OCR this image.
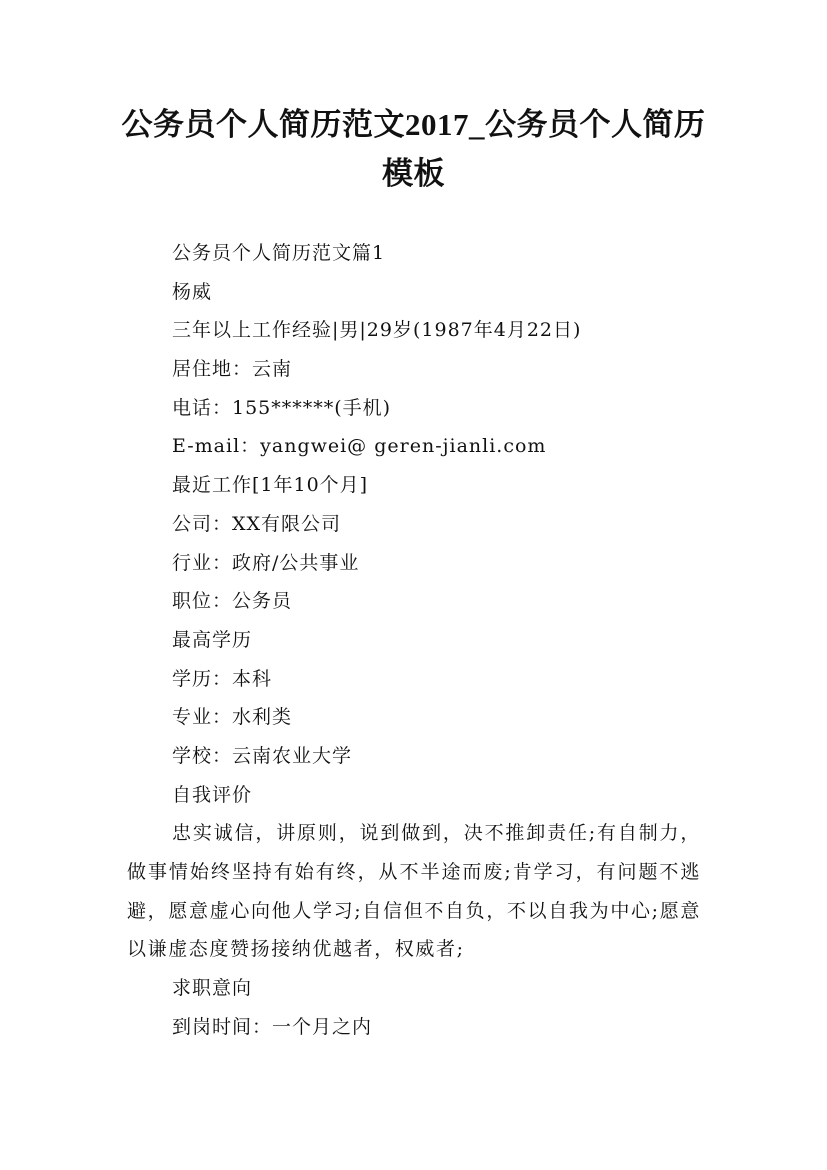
公务员个人简历范文2017_公务员个人简历模板
公务员个人简历范文篇1
杨威
三年以上工作经验|男|29岁(1987年4月22日)
居住地：云南
电话：155******(手机)
E-mail：yangwei@ geren-jianli.com
最近工作[1年10个月]
公司：XX有限公司
行业：政府/公共事业
职位：公务员
最高学历
学历：本科
专业：水利类
学校：云南农业大学
自我评价
忠实诚信，讲原则，说到做到，决不推卸责任;有自制力，做事情始终坚持有始有终，从不半途而废;肯学习，有问题不逃避，愿意虚心向他人学习;自信但不自负，不以自我为中心;愿意以谦虚态度赞扬接纳优越者，权威者;
求职意向
到岗时间：一个月之内
